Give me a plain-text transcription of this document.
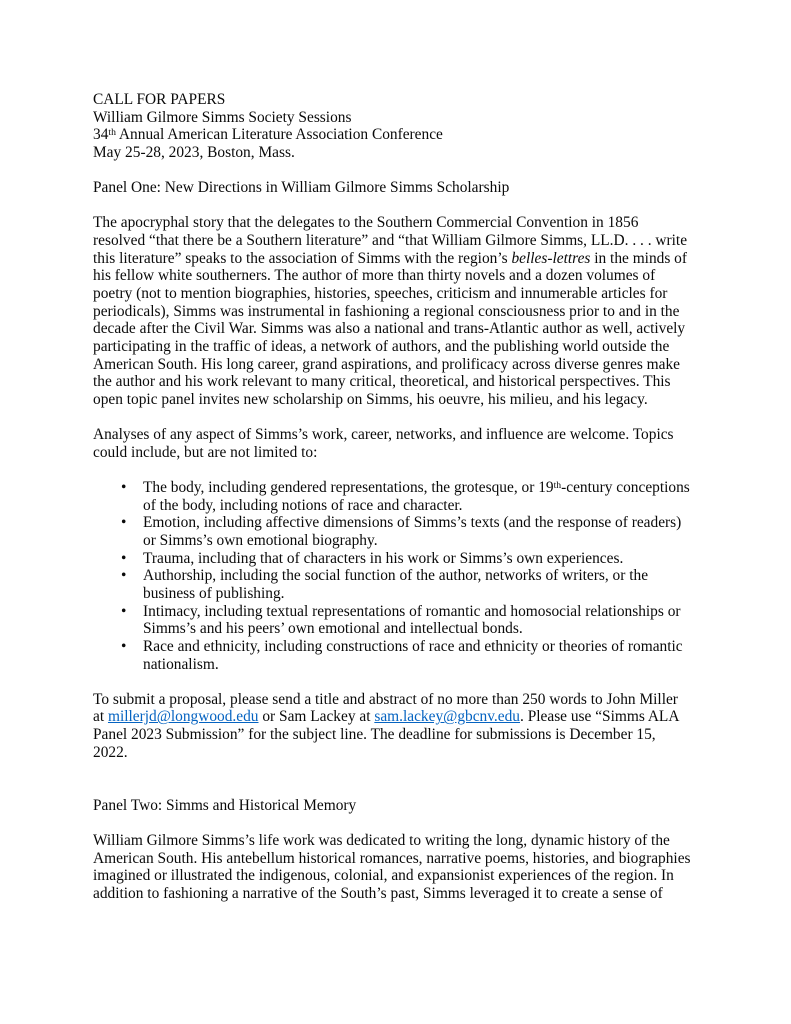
CALL FOR PAPERS
William Gilmore Simms Society Sessions
34th Annual American Literature Association Conference
May 25-28, 2023, Boston, Mass.
Panel One: New Directions in William Gilmore Simms Scholarship
The apocryphal story that the delegates to the Southern Commercial Convention in 1856
resolved “that there be a Southern literature” and “that William Gilmore Simms, LL.D. . . . write
this literature” speaks to the association of Simms with the region’s belles-lettres in the minds of
his fellow white southerners. The author of more than thirty novels and a dozen volumes of
poetry (not to mention biographies, histories, speeches, criticism and innumerable articles for
periodicals), Simms was instrumental in fashioning a regional consciousness prior to and in the
decade after the Civil War. Simms was also a national and trans-Atlantic author as well, actively
participating in the traffic of ideas, a network of authors, and the publishing world outside the
American South. His long career, grand aspirations, and prolificacy across diverse genres make
the author and his work relevant to many critical, theoretical, and historical perspectives. This
open topic panel invites new scholarship on Simms, his oeuvre, his milieu, and his legacy.
Analyses of any aspect of Simms’s work, career, networks, and influence are welcome. Topics
could include, but are not limited to:
• The body, including gendered representations, the grotesque, or 19th-century conceptions
of the body, including notions of race and character.
• Emotion, including affective dimensions of Simms’s texts (and the response of readers)
or Simms’s own emotional biography.
• Trauma, including that of characters in his work or Simms’s own experiences.
• Authorship, including the social function of the author, networks of writers, or the
business of publishing.
• Intimacy, including textual representations of romantic and homosocial relationships or
Simms’s and his peers’ own emotional and intellectual bonds.
• Race and ethnicity, including constructions of race and ethnicity or theories of romantic
nationalism.
To submit a proposal, please send a title and abstract of no more than 250 words to John Miller
at millerjd@longwood.edu or Sam Lackey at sam.lackey@gbcnv.edu. Please use “Simms ALA
Panel 2023 Submission” for the subject line. The deadline for submissions is December 15,
2022.
Panel Two: Simms and Historical Memory
William Gilmore Simms’s life work was dedicated to writing the long, dynamic history of the
American South. His antebellum historical romances, narrative poems, histories, and biographies
imagined or illustrated the indigenous, colonial, and expansionist experiences of the region. In
addition to fashioning a narrative of the South’s past, Simms leveraged it to create a sense of
